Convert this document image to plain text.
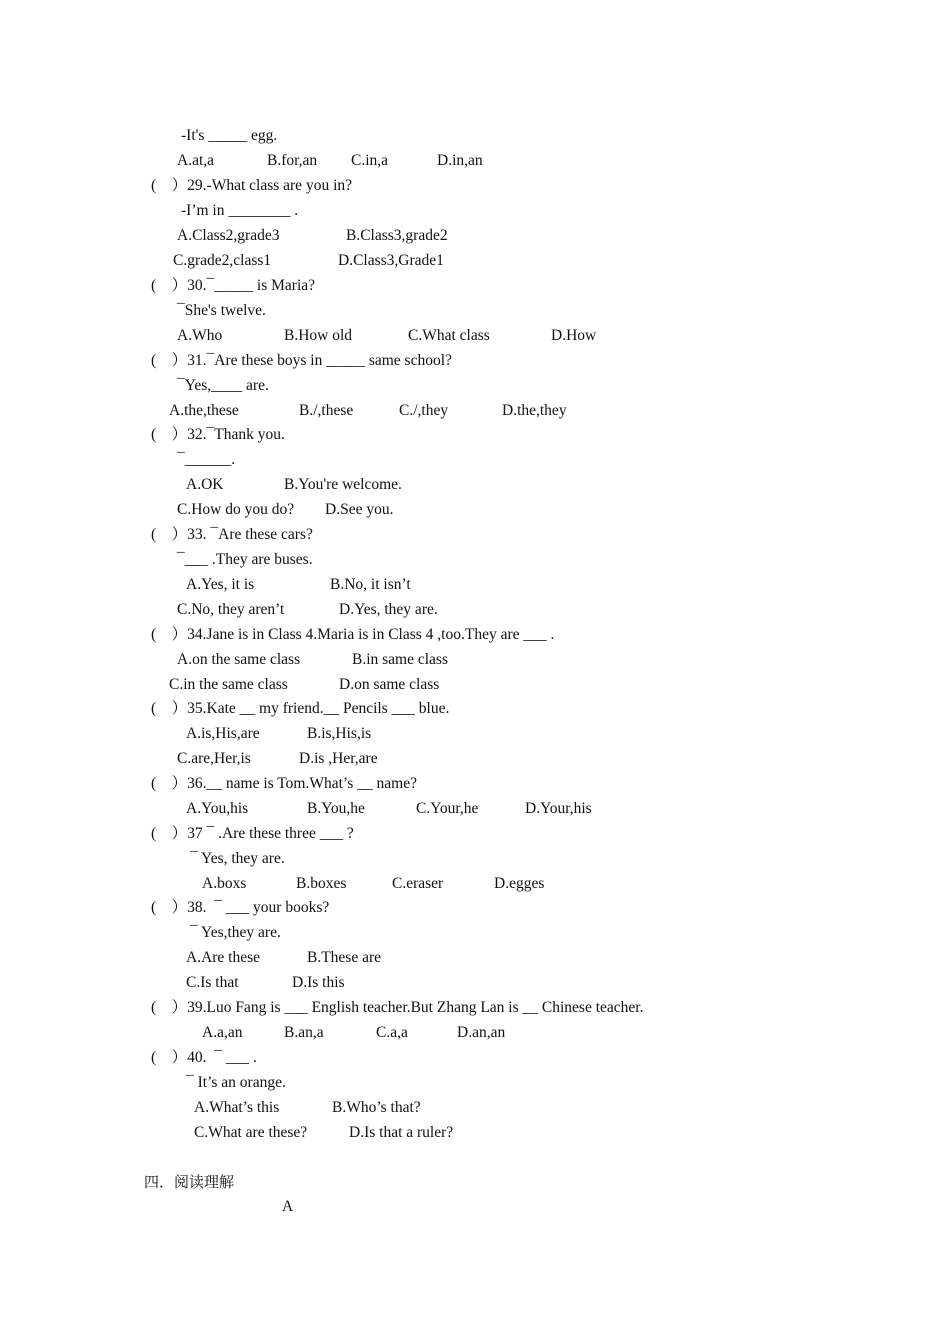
-It's _____ egg.
A.at,a	B.for,an C.in,a	D.in,an
(    ）29.-What class are you in?
-I’m in ________ .
A.Class2,grade3	B.Class3,grade2
C.grade2,class1	D.Class3,Grade1
(    ）30.¯_____ is Maria?
¯She's twelve.
A.Who	B.How old	C.What class	D.How
(    ）31.¯Are these boys in _____ same school?
¯Yes,____ are.
A.the,these	B./,these	C./,they	D.the,they
(    ）32.¯Thank you.
¯______.
A.OK	B.You're welcome.
C.How do you do? D.See you.
(    ）33. ¯Are these cars?
¯___ .They are buses.
A.Yes, it is	B.No, it isn’t
C.No, they aren’t	D.Yes, they are.
(    ）34.Jane is in Class 4.Maria is in Class 4 ,too.They are ___ .
A.on the same class	B.in same class
C.in the same class	D.on same class
(    ）35.Kate __ my friend.__ Pencils ___ blue.
A.is,His,are	B.is,His,is
C.are,Her,is	D.is ,Her,are
(    ）36.__ name is Tom.What’s __ name?
A.You,his	B.You,he	C.Your,he	D.Your,his
(    ）37 ¯ .Are these three ___ ?
¯ Yes, they are.
A.boxs	B.boxes	C.eraser	D.egges
(    ）38.  ¯ ___ your books?
¯ Yes,they are.
A.Are these	B.These are
C.Is that	D.Is this
(    ）39.Luo Fang is ___ English teacher.But Zhang Lan is __ Chinese teacher.
A.a,an	B.an,a	C.a,a	D.an,an
(    ）40.  ¯ ___ .
¯ It’s an orange.
A.What’s this	B.Who’s that?
C.What are these?	D.Is that a ruler?
四．阅读理解
A
